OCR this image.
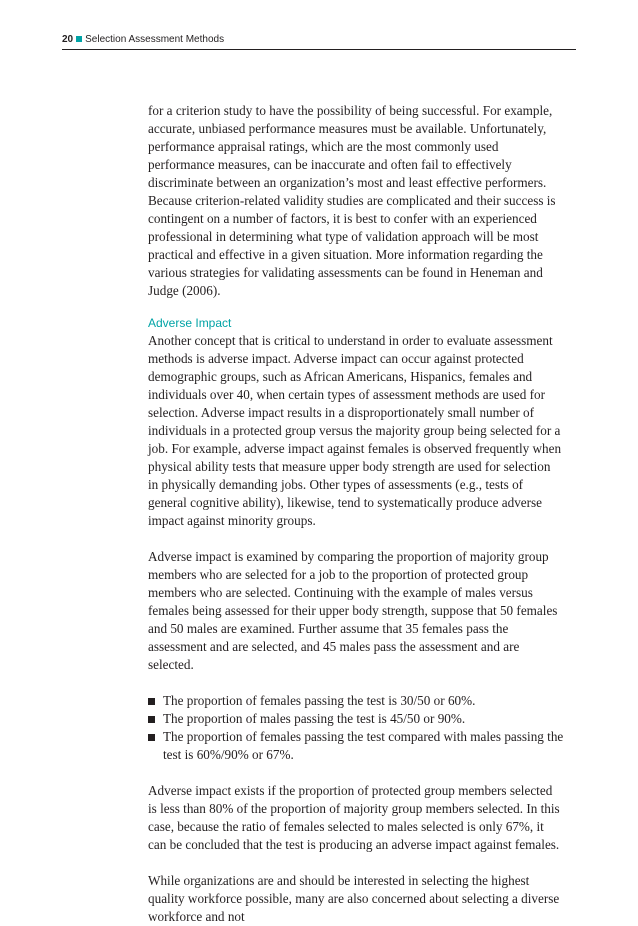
20 Selection Assessment Methods

for a criterion study to have the possibility of being successful. For example, accurate, unbiased performance measures must be available. Unfortunately, performance appraisal ratings, which are the most commonly used performance measures, can be inaccurate and often fail to effectively discriminate between an organization’s most and least effective performers. Because criterion-related validity studies are complicated and their success is contingent on a number of factors, it is best to confer with an experienced professional in determining what type of validation approach will be most practical and effective in a given situation. More information regarding the various strategies for validating assessments can be found in Heneman and Judge (2006).

Adverse Impact

Another concept that is critical to understand in order to evaluate assessment methods is adverse impact. Adverse impact can occur against protected demographic groups, such as African Americans, Hispanics, females and individuals over 40, when certain types of assessment methods are used for selection. Adverse impact results in a disproportionately small number of individuals in a protected group versus the majority group being selected for a job. For example, adverse impact against females is observed frequently when physical ability tests that measure upper body strength are used for selection in physically demanding jobs. Other types of assessments (e.g., tests of general cognitive ability), likewise, tend to systematically produce adverse impact against minority groups.

Adverse impact is examined by comparing the proportion of majority group members who are selected for a job to the proportion of protected group members who are selected. Continuing with the example of males versus females being assessed for their upper body strength, suppose that 50 females and 50 males are examined. Further assume that 35 females pass the assessment and are selected, and 45 males pass the assessment and are selected.

The proportion of females passing the test is 30/50 or 60%.
The proportion of males passing the test is 45/50 or 90%.
The proportion of females passing the test compared with males passing the test is 60%/90% or 67%.

Adverse impact exists if the proportion of protected group members selected is less than 80% of the proportion of majority group members selected. In this case, because the ratio of females selected to males selected is only 67%, it can be concluded that the test is producing an adverse impact against females.

While organizations are and should be interested in selecting the highest quality workforce possible, many are also concerned about selecting a diverse workforce and not
